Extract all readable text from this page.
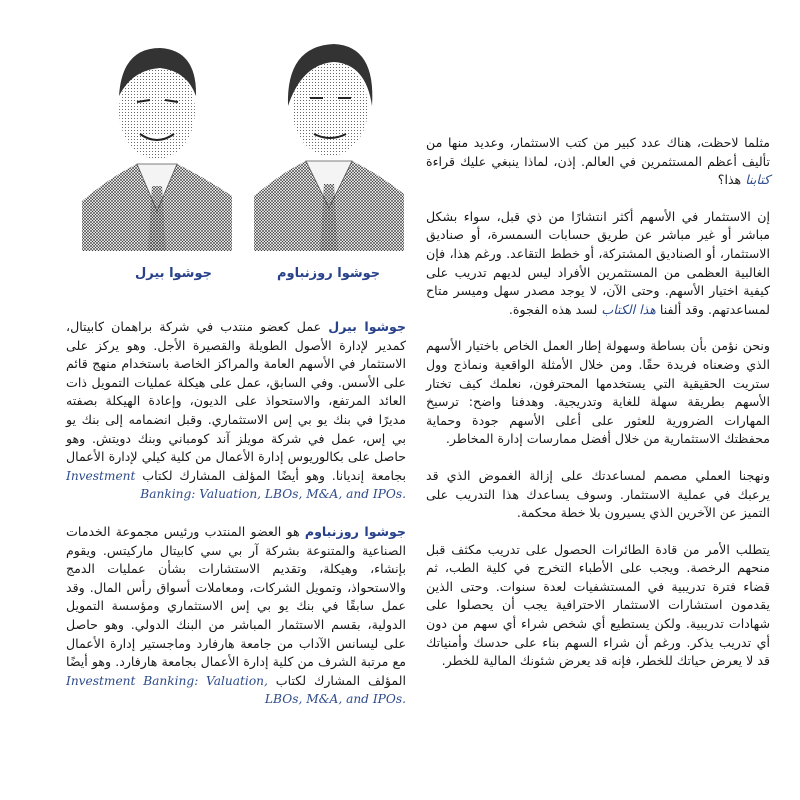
جوشوا بيرل	جوشوا روزنباوم

مثلما لاحظت، هناك عدد كبير من كتب الاستثمار، وعديد منها من تأليف أعظم المستثمرين في العالم. إذن، لماذا ينبغي عليك قراءة كتابنا هذا؟

إن الاستثمار في الأسهم أكثر انتشارًا من ذي قبل، سواء بشكل مباشر أو غير مباشر عن طريق حسابات السمسرة، أو صناديق الاستثمار، أو الصناديق المشتركة، أو خطط التقاعد. ورغم هذا، فإن الغالبية العظمى من المستثمرين الأفراد ليس لديهم تدريب على كيفية اختيار الأسهم. وحتى الآن، لا يوجد مصدر سهل وميسر متاح لمساعدتهم. وقد ألفنا هذا الكتاب لسد هذه الفجوة.

ونحن نؤمن بأن بساطة وسهولة إطار العمل الخاص باختيار الأسهم الذي وضعناه فريدة حقًا. ومن خلال الأمثلة الواقعية ونماذج وول ستريت الحقيقية التي يستخدمها المحترفون، نعلمك كيف تختار الأسهم بطريقة سهلة للغاية وتدريجية. وهدفنا واضح: ترسيخ المهارات الضرورية للعثور على أعلى الأسهم جودة وحماية محفظتك الاستثمارية من خلال أفضل ممارسات إدارة المخاطر.

ونهجنا العملي مصمم لمساعدتك على إزالة الغموض الذي قد يرعبك في عملية الاستثمار. وسوف يساعدك هذا التدريب على التميز عن الآخرين الذي يسيرون بلا خطة محكمة.

يتطلب الأمر من قادة الطائرات الحصول على تدريب مكثف قبل منحهم الرخصة. ويجب على الأطباء التخرج في كلية الطب، ثم قضاء فترة تدريبية في المستشفيات لعدة سنوات. وحتى الذين يقدمون استشارات الاستثمار الاحترافية يجب أن يحصلوا على شهادات تدريبية. ولكن يستطيع أي شخص شراء أي سهم من دون أي تدريب يذكر. ورغم أن شراء السهم بناء على حدسك وأمنياتك قد لا يعرض حياتك للخطر، فإنه قد يعرض شئونك المالية للخطر.

جوشوا بيرل عمل كعضو منتدب في شركة براهمان كابيتال، كمدير لإدارة الأصول الطويلة والقصيرة الأجل. وهو يركز على الاستثمار في الأسهم العامة والمراكز الخاصة باستخدام منهج قائم على الأسس. وفي السابق، عمل على هيكلة عمليات التمويل ذات العائد المرتفع، والاستحواذ على الديون، وإعادة الهيكلة بصفته مديرًا في بنك يو بي إس الاستثماري. وقبل انضمامه إلى بنك يو بي إس، عمل في شركة مويلز آند كومباني وبنك دويتش. وهو حاصل على بكالوريوس إدارة الأعمال من كلية كيلي لإدارة الأعمال بجامعة إنديانا. وهو أيضًا المؤلف المشارك لكتاب Investment Banking: Valuation, LBOs, M&A, and IPOs.

جوشوا روزنباوم هو العضو المنتدب ورئيس مجموعة الخدمات الصناعية والمتنوعة بشركة آر بي سي كابيتال ماركيتس. ويقوم بإنشاء، وهيكلة، وتقديم الاستشارات بشأن عمليات الدمج والاستحواذ، وتمويل الشركات، ومعاملات أسواق رأس المال. وقد عمل سابقًا في بنك يو بي إس الاستثماري ومؤسسة التمويل الدولية، بقسم الاستثمار المباشر من البنك الدولي. وهو حاصل على ليسانس الآداب من جامعة هارفارد وماجستير إدارة الأعمال مع مرتبة الشرف من كلية إدارة الأعمال بجامعة هارفارد. وهو أيضًا المؤلف المشارك لكتاب Investment Banking: Valuation, LBOs, M&A, and IPOs.
